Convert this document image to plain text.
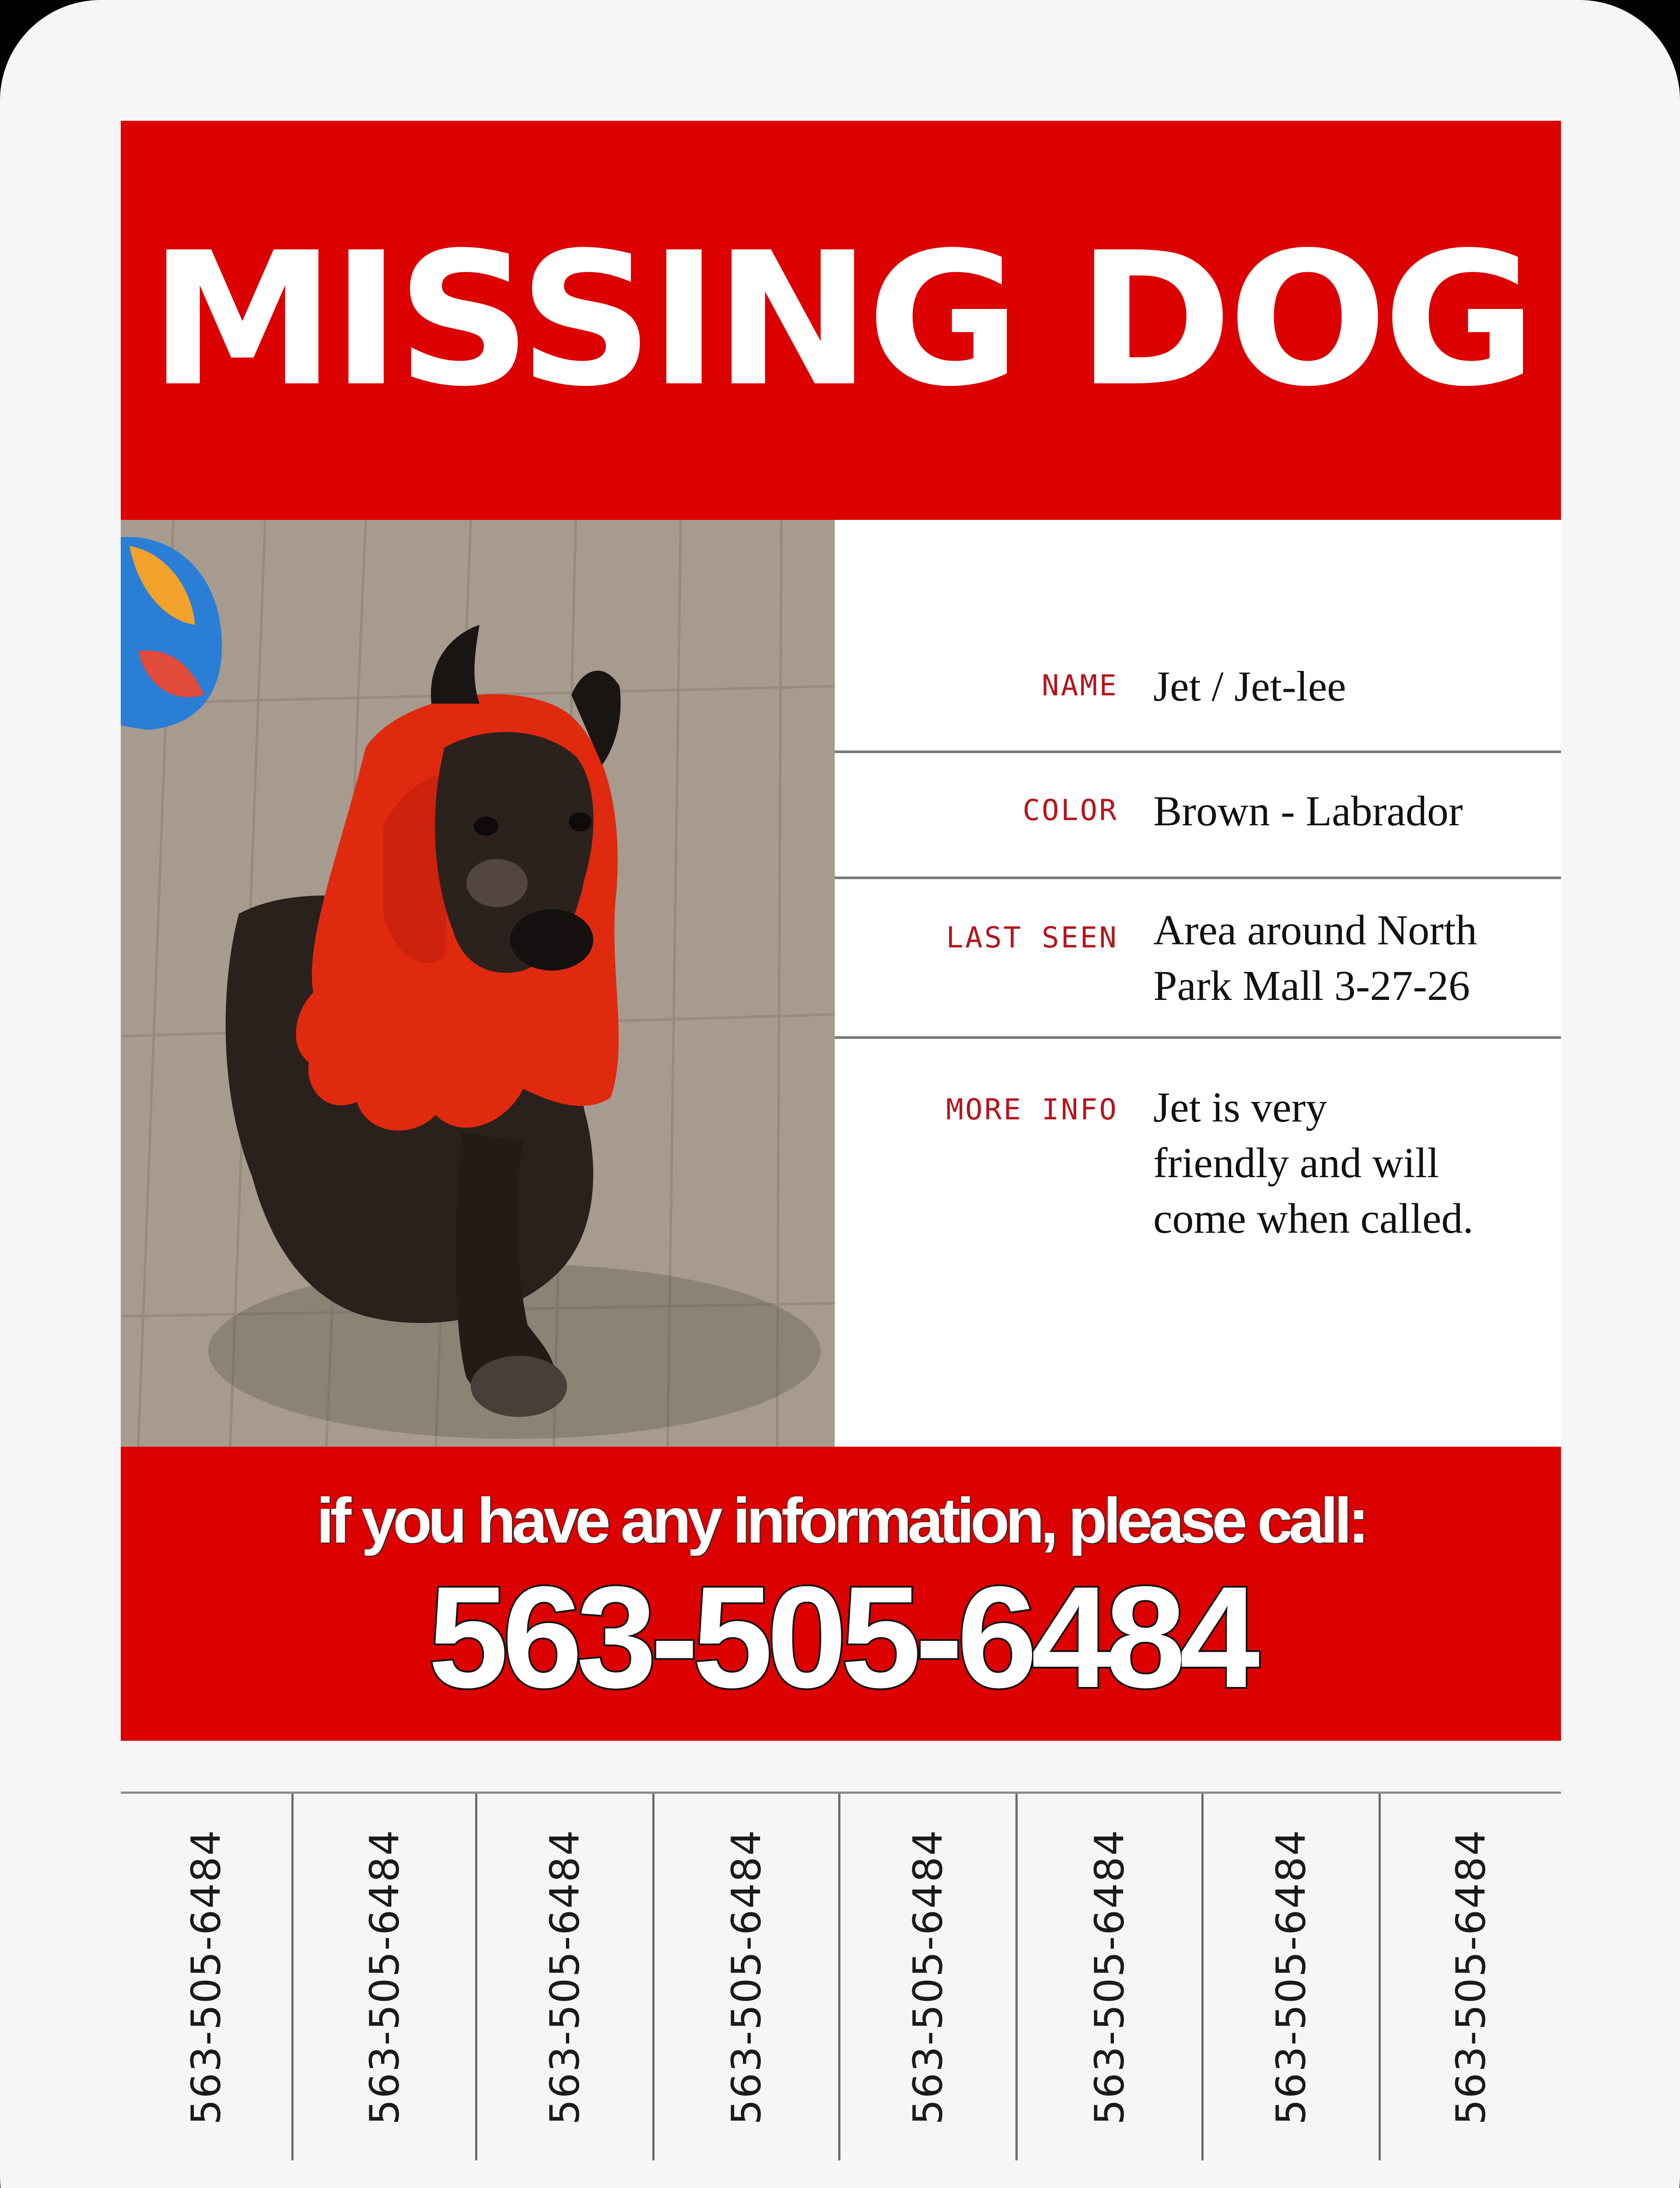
MISSING DOG
NAME Jet / Jet-lee
COLOR Brown - Labrador
LAST SEEN Area around North
Park Mall 3-27-26
MORE INFO Jet is very
friendly and will
come when called.
if you have any information, please call:
563-505-6484
563-505-6484	563-505-6484	563-505-6484	563-505-6484	563-505-6484	563-505-6484	563-505-6484	563-505-6484
